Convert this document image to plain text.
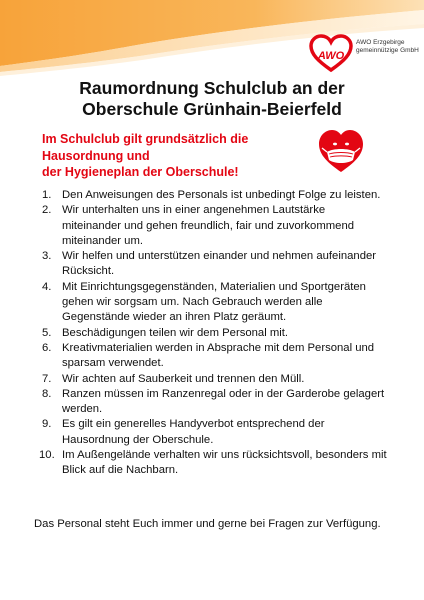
AWO
AWO Erzgebirge
gemeinnützige GmbH
Raumordnung Schulclub an der
Oberschule Grünhain-Beierfeld
Im Schulclub gilt grundsätzlich die
Hausordnung und
der Hygieneplan der Oberschule!
1. Den Anweisungen des Personals ist unbedingt Folge zu leisten.
2. Wir unterhalten uns in einer angenehmen Lautstärke miteinander und gehen freundlich, fair und zuvorkommend miteinander um.
3. Wir helfen und unterstützen einander und nehmen aufeinander Rücksicht.
4. Mit Einrichtungsgegenständen, Materialien und Sportgeräten gehen wir sorgsam um. Nach Gebrauch werden alle Gegenstände wieder an ihren Platz geräumt.
5. Beschädigungen teilen wir dem Personal mit.
6. Kreativmaterialien werden in Absprache mit dem Personal und sparsam verwendet.
7. Wir achten auf Sauberkeit und trennen den Müll.
8. Ranzen müssen im Ranzenregal oder in der Garderobe gelagert werden.
9. Es gilt ein generelles Handyverbot entsprechend der Hausordnung der Oberschule.
10. Im Außengelände verhalten wir uns rücksichtsvoll, besonders mit Blick auf die Nachbarn.
Das Personal steht Euch immer und gerne bei Fragen zur Verfügung.
